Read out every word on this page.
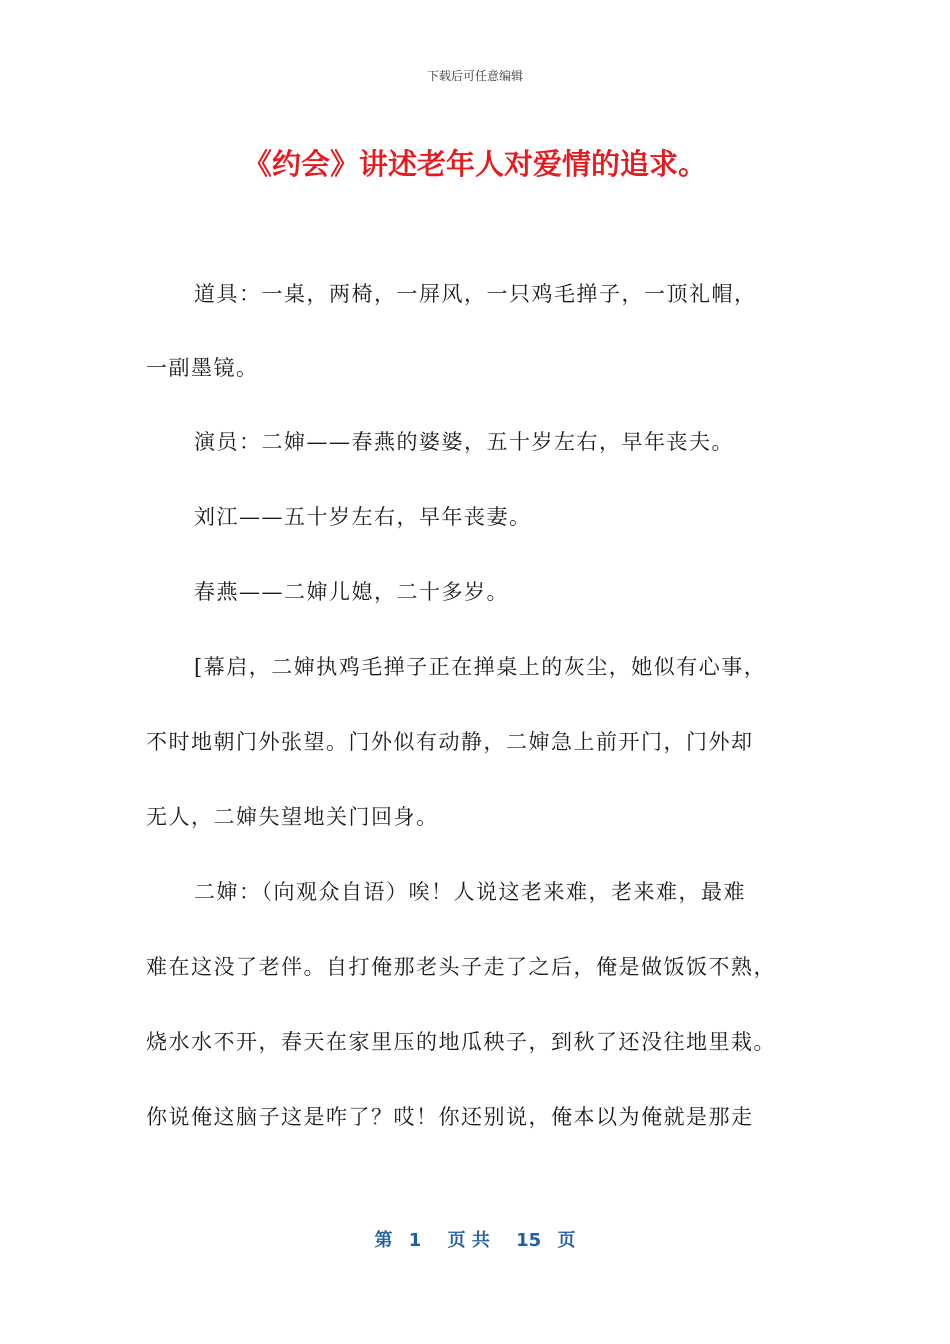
下载后可任意编辑
《约会》讲述老年人对爱情的追求。
道具：一桌，两椅，一屏风，一只鸡毛掸子，一顶礼帽，
一副墨镜。
演员：二婶——春燕的婆婆，五十岁左右，早年丧夫。
刘江——五十岁左右，早年丧妻。
春燕——二婶儿媳，二十多岁。
[幕启，二婶执鸡毛掸子正在掸桌上的灰尘，她似有心事，
不时地朝门外张望。门外似有动静，二婶急上前开门，门外却
无人，二婶失望地关门回身。
二婶：（向观众自语）唉！人说这老来难，老来难，最难
难在这没了老伴。自打俺那老头子走了之后，俺是做饭饭不熟，
烧水水不开，春天在家里压的地瓜秧子，到秋了还没往地里栽。
你说俺这脑子这是咋了？哎！你还别说，俺本以为俺就是那走
第 1 页 共 15 页
